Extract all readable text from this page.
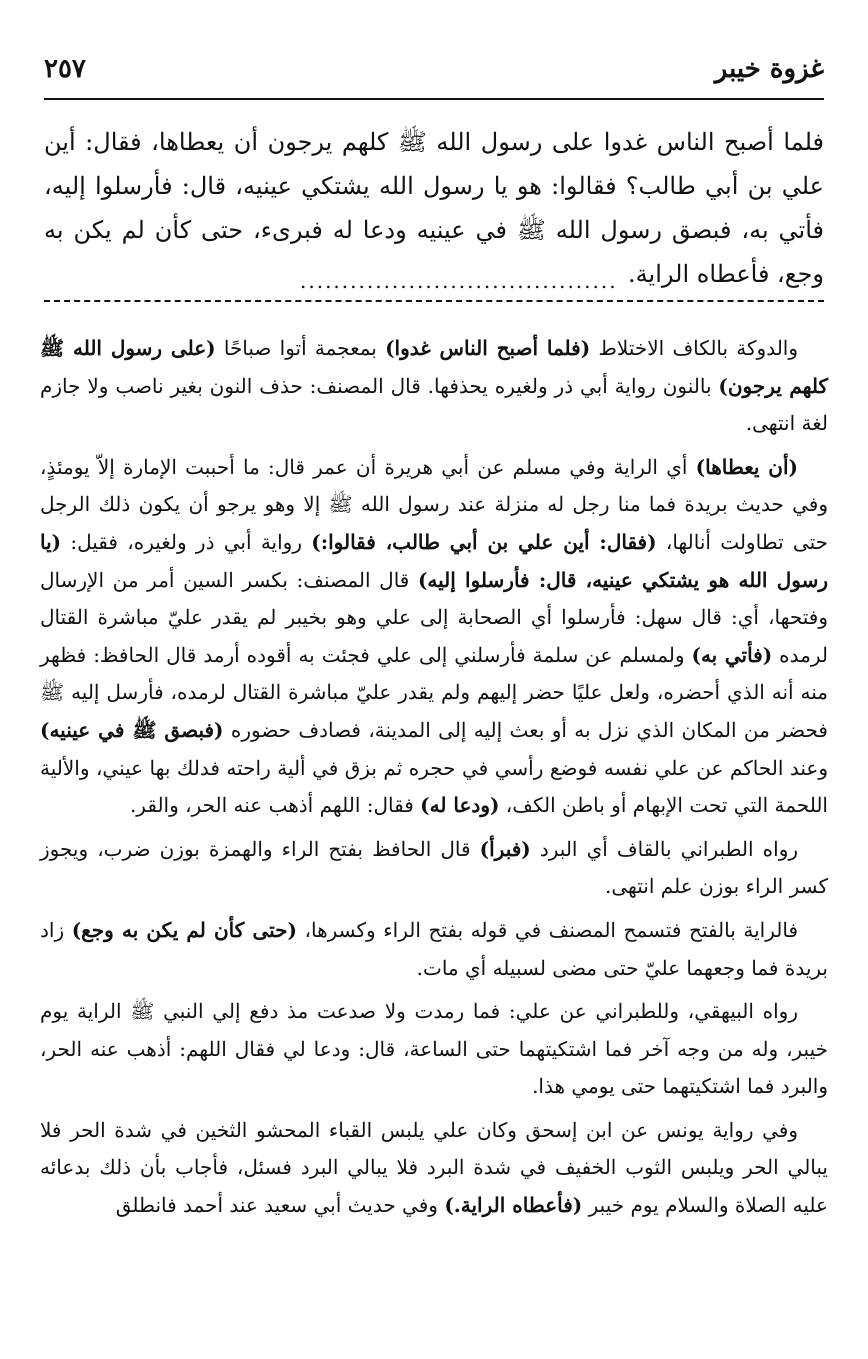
غزوة خيبر
٢٥٧
فلما أصبح الناس غدوا على رسول الله ﷺ كلهم يرجون أن يعطاها، فقال: أين علي بن أبي طالب؟ فقالوا: هو يا رسول الله يشتكي عينيه، قال: فأرسلوا إليه، فأتي به، فبصق رسول الله ﷺ في عينيه ودعا له فبرىء، حتى كأن لم يكن به وجع، فأعطاه الراية.
......................................

والدوكة بالكاف الاختلاط (فلما أصبح الناس غدوا) بمعجمة أتوا صباحًا (على رسول الله ﷺ كلهم يرجون) بالنون رواية أبي ذر ولغيره يحذفها. قال المصنف: حذف النون بغير ناصب ولا جازم لغة انتهى.

(أن يعطاها) أي الراية وفي مسلم عن أبي هريرة أن عمر قال: ما أحببت الإمارة إلاّ يومئذٍ، وفي حديث بريدة فما منا رجل له منزلة عند رسول الله ﷺ إلا وهو يرجو أن يكون ذلك الرجل حتى تطاولت أنالها، (فقال: أين علي بن أبي طالب، فقالوا:) رواية أبي ذر ولغيره، فقيل: (يا رسول الله هو يشتكي عينيه، قال: فأرسلوا إليه) قال المصنف: بكسر السين أمر من الإرسال وفتحها، أي: قال سهل: فأرسلوا أي الصحابة إلى علي وهو بخيبر لم يقدر عليّ مباشرة القتال لرمده (فأتي به) ولمسلم عن سلمة فأرسلني إلى علي فجئت به أقوده أرمد قال الحافظ: فظهر منه أنه الذي أحضره، ولعل عليًا حضر إليهم ولم يقدر عليّ مباشرة القتال لرمده، فأرسل إليه ﷺ فحضر من المكان الذي نزل به أو بعث إليه إلى المدينة، فصادف حضوره (فبصق ﷺ في عينيه) وعند الحاكم عن علي نفسه فوضع رأسي في حجره ثم بزق في ألية راحته فدلك بها عيني، والألية اللحمة التي تحت الإبهام أو باطن الكف، (ودعا له) فقال: اللهم أذهب عنه الحر، والقر.

رواه الطبراني بالقاف أي البرد (فبرأ) قال الحافظ بفتح الراء والهمزة بوزن ضرب، ويجوز كسر الراء بوزن علم انتهى.

فالراية بالفتح فتسمح المصنف في قوله بفتح الراء وكسرها، (حتى كأن لم يكن به وجع) زاد بريدة فما وجعهما عليّ حتى مضى لسبيله أي مات.

رواه البيهقي، وللطبراني عن علي: فما رمدت ولا صدعت مذ دفع إلي النبي ﷺ الراية يوم خيبر، وله من وجه آخر فما اشتكيتهما حتى الساعة، قال: ودعا لي فقال اللهم: أذهب عنه الحر، والبرد فما اشتكيتهما حتى يومي هذا.

وفي رواية يونس عن ابن إسحق وكان علي يلبس القباء المحشو الثخين في شدة الحر فلا يبالي الحر ويلبس الثوب الخفيف في شدة البرد فلا يبالي البرد فسئل، فأجاب بأن ذلك بدعائه عليه الصلاة والسلام يوم خيبر (فأعطاه الراية.) وفي حديث أبي سعيد عند أحمد فانطلق
